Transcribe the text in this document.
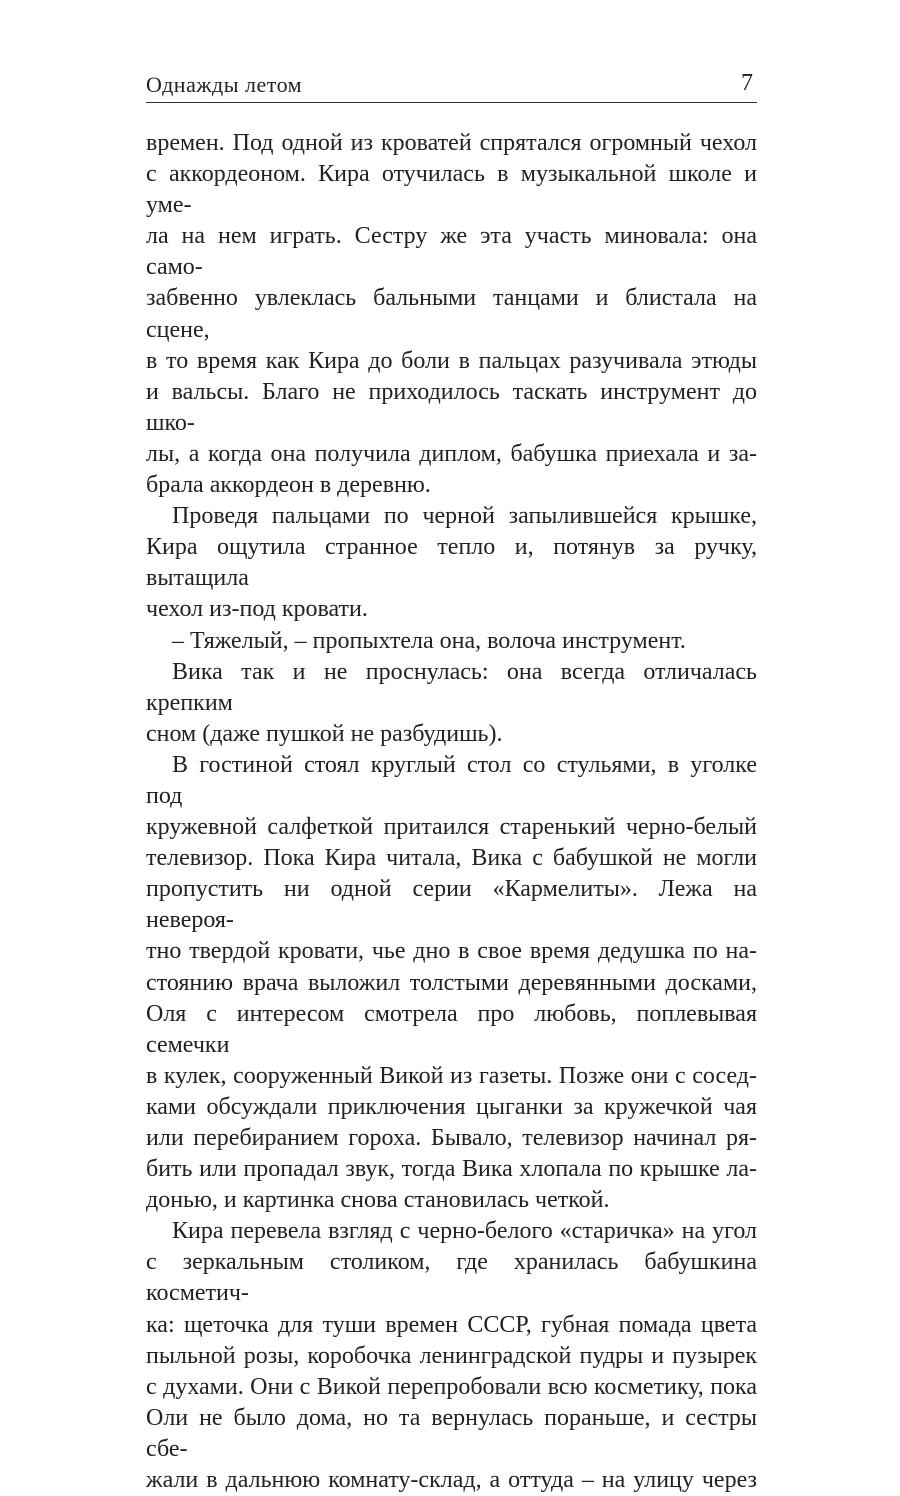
Однажды летом	7

времен. Под одной из кроватей спрятался огромный чехол

с аккордеоном. Кира отучилась в музыкальной школе и уме-

ла на нем играть. Сестру же эта участь миновала: она само-

забвенно увлеклась бальными танцами и блистала на сцене,

в то время как Кира до боли в пальцах разучивала этюды

и вальсы. Благо не приходилось таскать инструмент до шко-

лы, а когда она получила диплом, бабушка приехала и за-

брала аккордеон в деревню.

Проведя пальцами по черной запылившейся крышке,

Кира ощутила странное тепло и, потянув за ручку, вытащила

чехол из-под кровати.

– Тяжелый, – пропыхтела она, волоча инструмент.

Вика так и не проснулась: она всегда отличалась крепким

сном (даже пушкой не разбудишь).

В гостиной стоял круглый стол со стульями, в уголке под

кружевной салфеткой притаился старенький черно-белый

телевизор. Пока Кира читала, Вика с бабушкой не могли

пропустить ни одной серии «Кармелиты». Лежа на невероя-

тно твердой кровати, чье дно в свое время дедушка по на-

стоянию врача выложил толстыми деревянными досками,

Оля с интересом смотрела про любовь, поплевывая семечки

в кулек, сооруженный Викой из газеты. Позже они с сосед-

ками обсуждали приключения цыганки за кружечкой чая

или перебиранием гороха. Бывало, телевизор начинал ря-

бить или пропадал звук, тогда Вика хлопала по крышке ла-

донью, и картинка снова становилась четкой.

Кира перевела взгляд с черно-белого «старичка» на угол

с зеркальным столиком, где хранилась бабушкина косметич-

ка: щеточка для туши времен СССР, губная помада цвета

пыльной розы, коробочка ленинградской пудры и пузырек

с духами. Они с Викой перепробовали всю косметику, пока

Оли не было дома, но та вернулась пораньше, и сестры сбе-

жали в дальнюю комнату-склад, а оттуда – на улицу через
